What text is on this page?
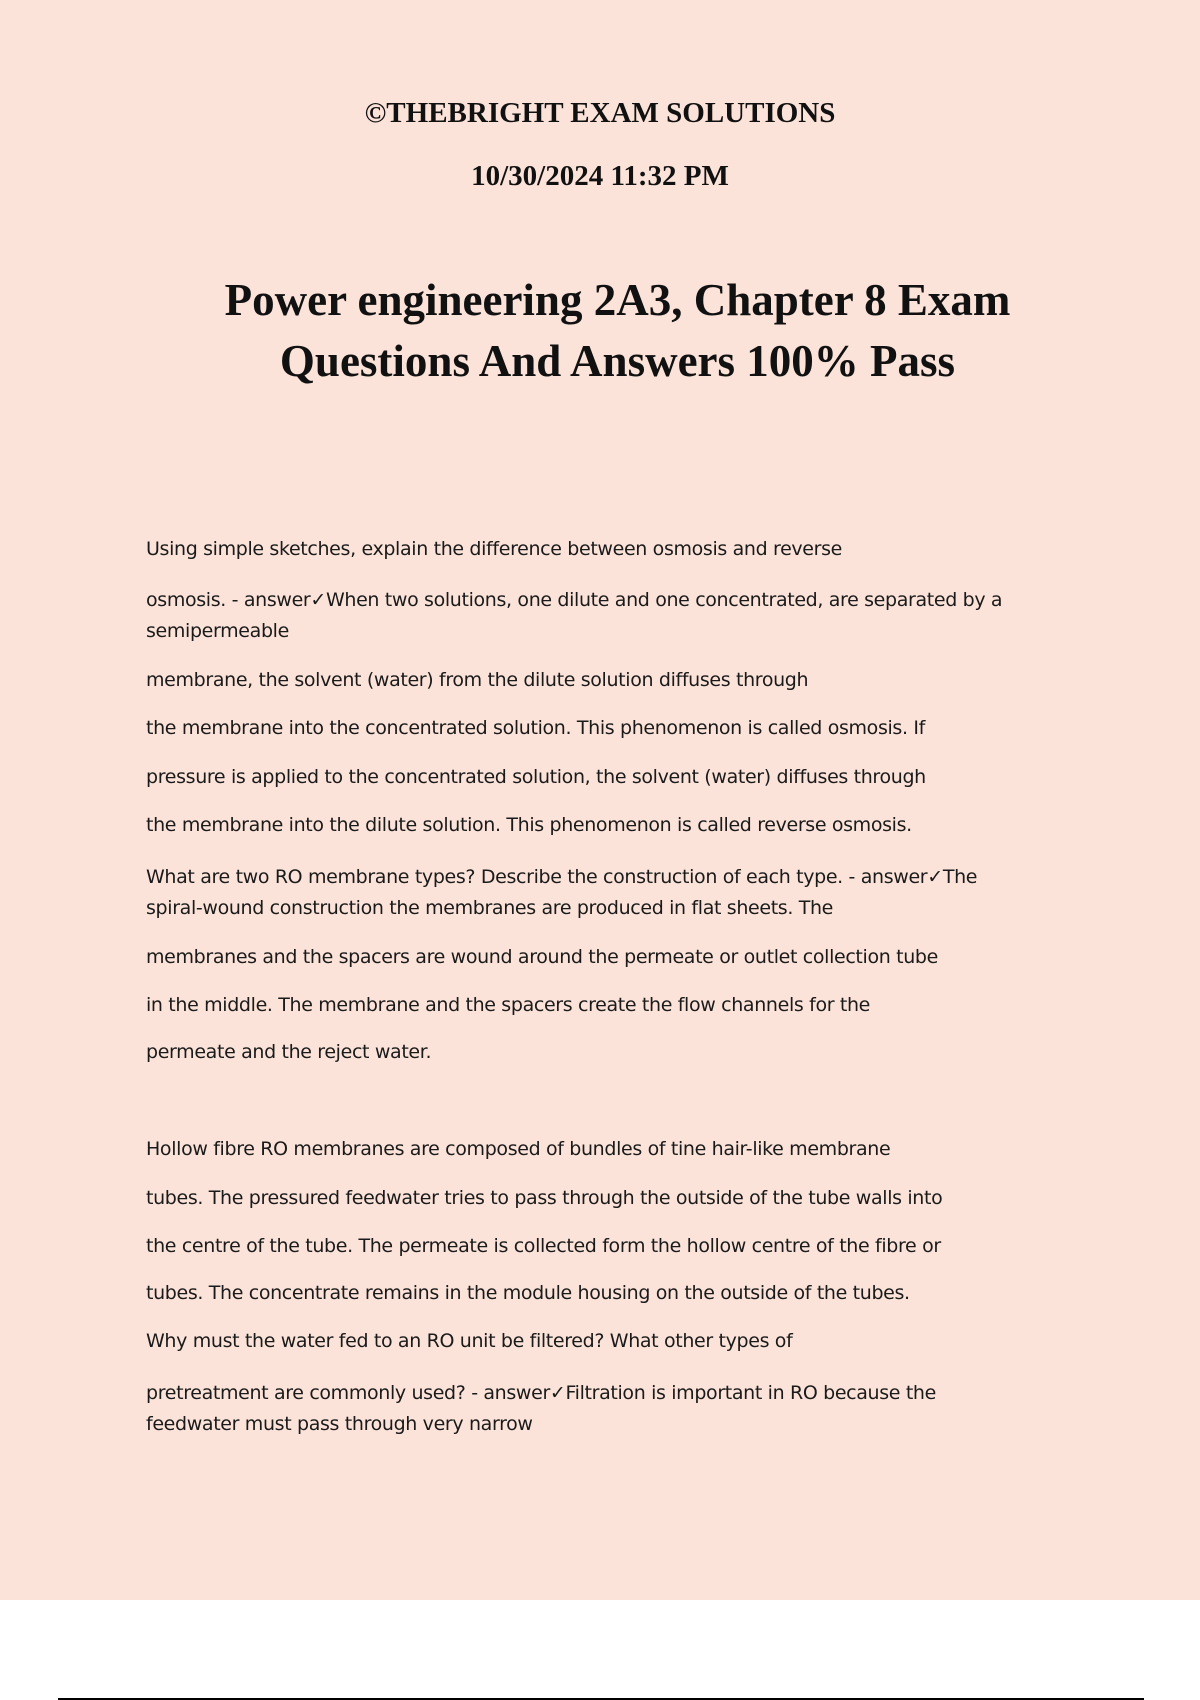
©THEBRIGHT EXAM SOLUTIONS
10/30/2024 11:32 PM
Power engineering 2A3, Chapter 8 Exam
Questions And Answers 100% Pass
Using simple sketches, explain the difference between osmosis and reverse
osmosis. - answer✓When two solutions, one dilute and one concentrated, are separated by a
semipermeable
membrane, the solvent (water) from the dilute solution diffuses through
the membrane into the concentrated solution. This phenomenon is called osmosis. If
pressure is applied to the concentrated solution, the solvent (water) diffuses through
the membrane into the dilute solution. This phenomenon is called reverse osmosis.
What are two RO membrane types? Describe the construction of each type. - answer✓The
spiral-wound construction the membranes are produced in flat sheets. The
membranes and the spacers are wound around the permeate or outlet collection tube
in the middle. The membrane and the spacers create the flow channels for the
permeate and the reject water.
Hollow fibre RO membranes are composed of bundles of tine hair-like membrane
tubes. The pressured feedwater tries to pass through the outside of the tube walls into
the centre of the tube. The permeate is collected form the hollow centre of the fibre or
tubes. The concentrate remains in the module housing on the outside of the tubes.
Why must the water fed to an RO unit be filtered? What other types of
pretreatment are commonly used? - answer✓Filtration is important in RO because the
feedwater must pass through very narrow
